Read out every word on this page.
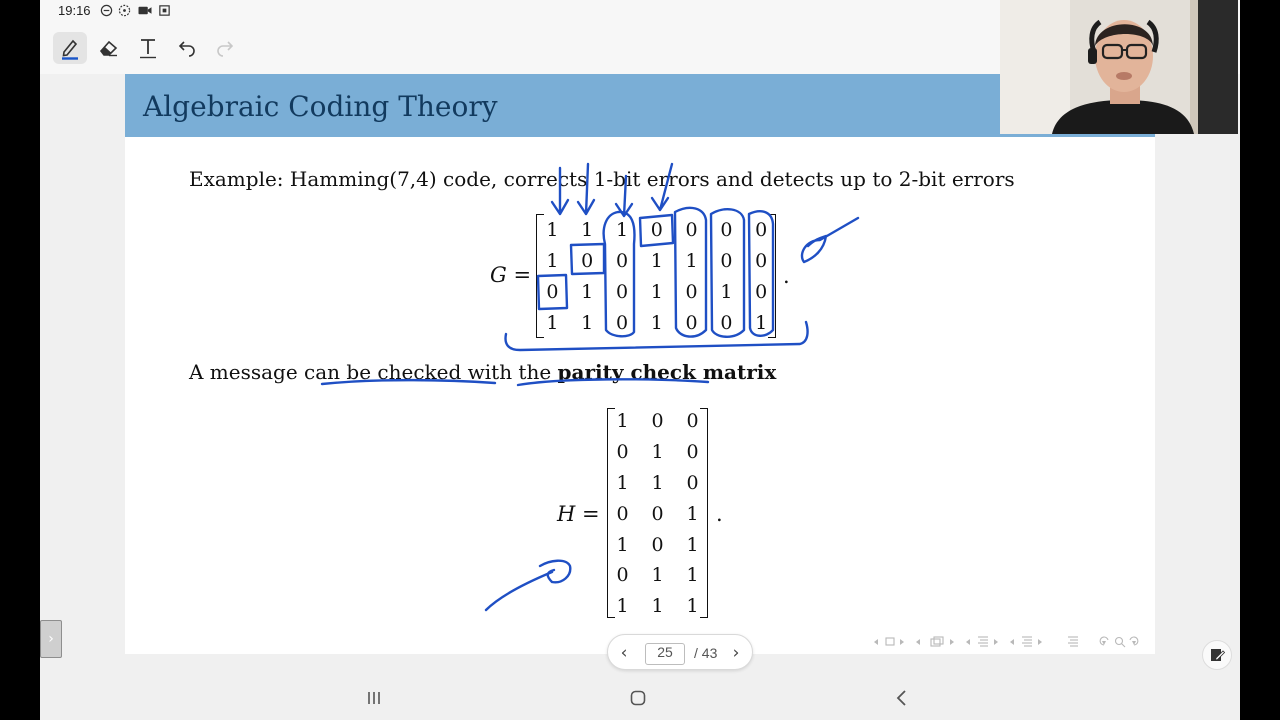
19:16
Algebraic Coding Theory
Example: Hamming(7,4) code, corrects 1-bit errors and detects up to 2-bit errors
G =
1	1	1	0	0	0	0
1	0	0	1	1	0	0
0	1	0	1	0	1	0
1	1	0	1	0	0	1
.
A message can be checked with the parity check matrix
H =
1	0	0
0	1	0
1	1	0
0	0	1
1	0	1
0	1	1
1	1	1
.
‹	25	/ 43 ›
›
